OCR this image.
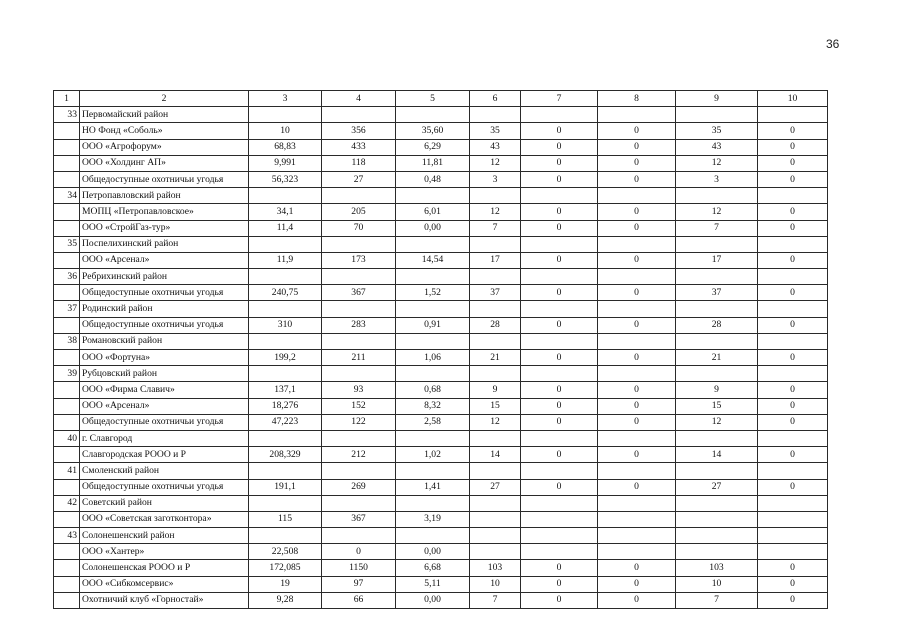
36
1	2	3	4	5	6	7	8	9	10
33	Первомайский район								
	НО Фонд «Соболь»	10	356	35,60	35	0	0	35	0
	ООО «Агрофорум»	68,83	433	6,29	43	0	0	43	0
	ООО «Холдинг АП»	9,991	118	11,81	12	0	0	12	0
	Общедоступные охотничьи угодья	56,323	27	0,48	3	0	0	3	0
34	Петропавловский район								
	МОПЦ «Петропавловское»	34,1	205	6,01	12	0	0	12	0
	ООО «СтройГаз-тур»	11,4	70	0,00	7	0	0	7	0
35	Поспелихинский район								
	ООО «Арсенал»	11,9	173	14,54	17	0	0	17	0
36	Ребрихинский район								
	Общедоступные охотничьи угодья	240,75	367	1,52	37	0	0	37	0
37	Родинский район								
	Общедоступные охотничьи угодья	310	283	0,91	28	0	0	28	0
38	Романовский район								
	ООО «Фортуна»	199,2	211	1,06	21	0	0	21	0
39	Рубцовский район								
	ООО «Фирма Славич»	137,1	93	0,68	9	0	0	9	0
	ООО «Арсенал»	18,276	152	8,32	15	0	0	15	0
	Общедоступные охотничьи угодья	47,223	122	2,58	12	0	0	12	0
40	г. Славгород								
	Славгородская РООО и Р	208,329	212	1,02	14	0	0	14	0
41	Смоленский район								
	Общедоступные охотничьи угодья	191,1	269	1,41	27	0	0	27	0
42	Советский район								
	ООО «Советская заготконтора»	115	367	3,19					
43	Солонешенский район								
	ООО «Хантер»	22,508	0	0,00					
	Солонешенская РООО и Р	172,085	1150	6,68	103	0	0	103	0
	ООО «Сибкомсервис»	19	97	5,11	10	0	0	10	0
	Охотничий клуб «Горностай»	9,28	66	0,00	7	0	0	7	0
